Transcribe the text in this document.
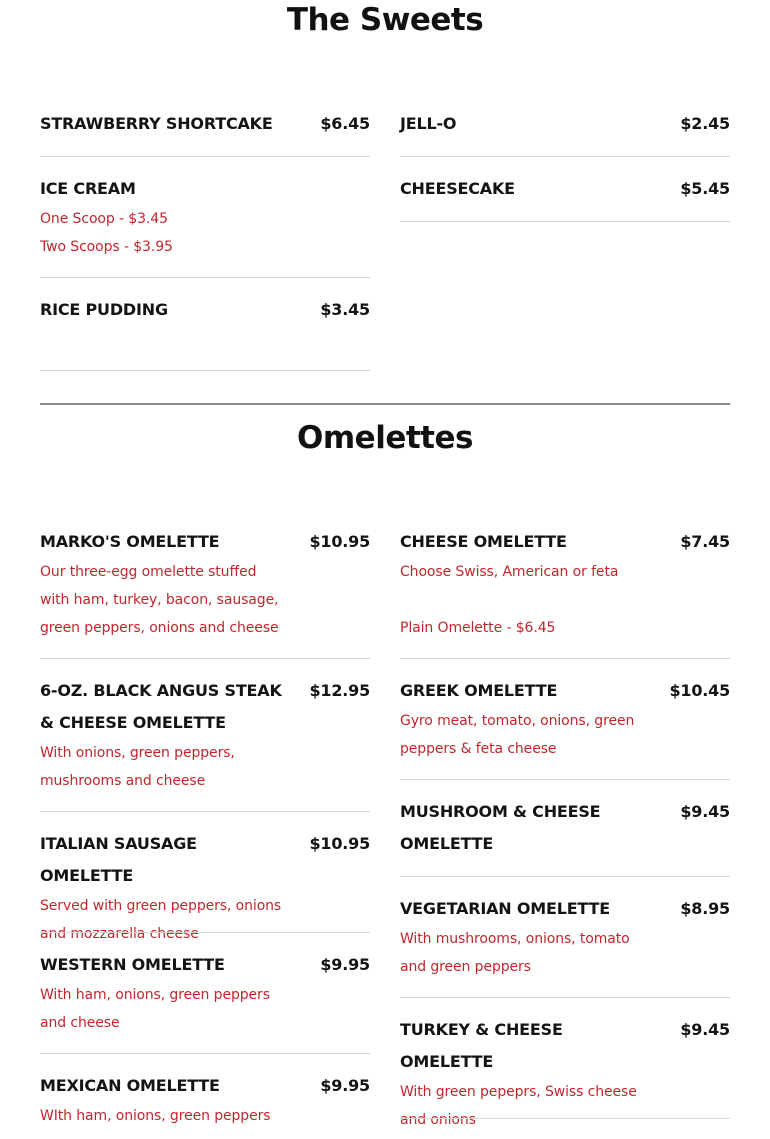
The Sweets
STRAWBERRY SHORTCAKE	$6.45 JELL-O	$2.45
ICE CREAM
One Scoop - $3.45
Two Scoops - $3.95
CHEESECAKE	$5.45
RICE PUDDING	$3.45
Omelettes
MARKO'S OMELETTE	$10.95
Our three-egg omelette stuffed with ham, turkey, bacon, sausage, green peppers, onions and cheese
6-OZ. BLACK ANGUS STEAK & CHEESE OMELETTE
$12.95
With onions, green peppers, mushrooms and cheese
ITALIAN SAUSAGE OMELETTE
$10.95
Served with green peppers, onions and mozzarella cheese
WESTERN OMELETTE	$9.95
With ham, onions, green peppers and cheese
MEXICAN OMELETTE	$9.95
WIth ham, onions, green peppers
CHEESE OMELETTE	$7.45
Choose Swiss, American or feta
Plain Omelette - $6.45
GREEK OMELETTE	$10.45
Gyro meat, tomato, onions, green peppers & feta cheese
MUSHROOM & CHEESE OMELETTE
$9.45
VEGETARIAN OMELETTE	$8.95
With mushrooms, onions, tomato and green peppers
TURKEY & CHEESE OMELETTE
$9.45
With green pepeprs, Swiss cheese and onions
